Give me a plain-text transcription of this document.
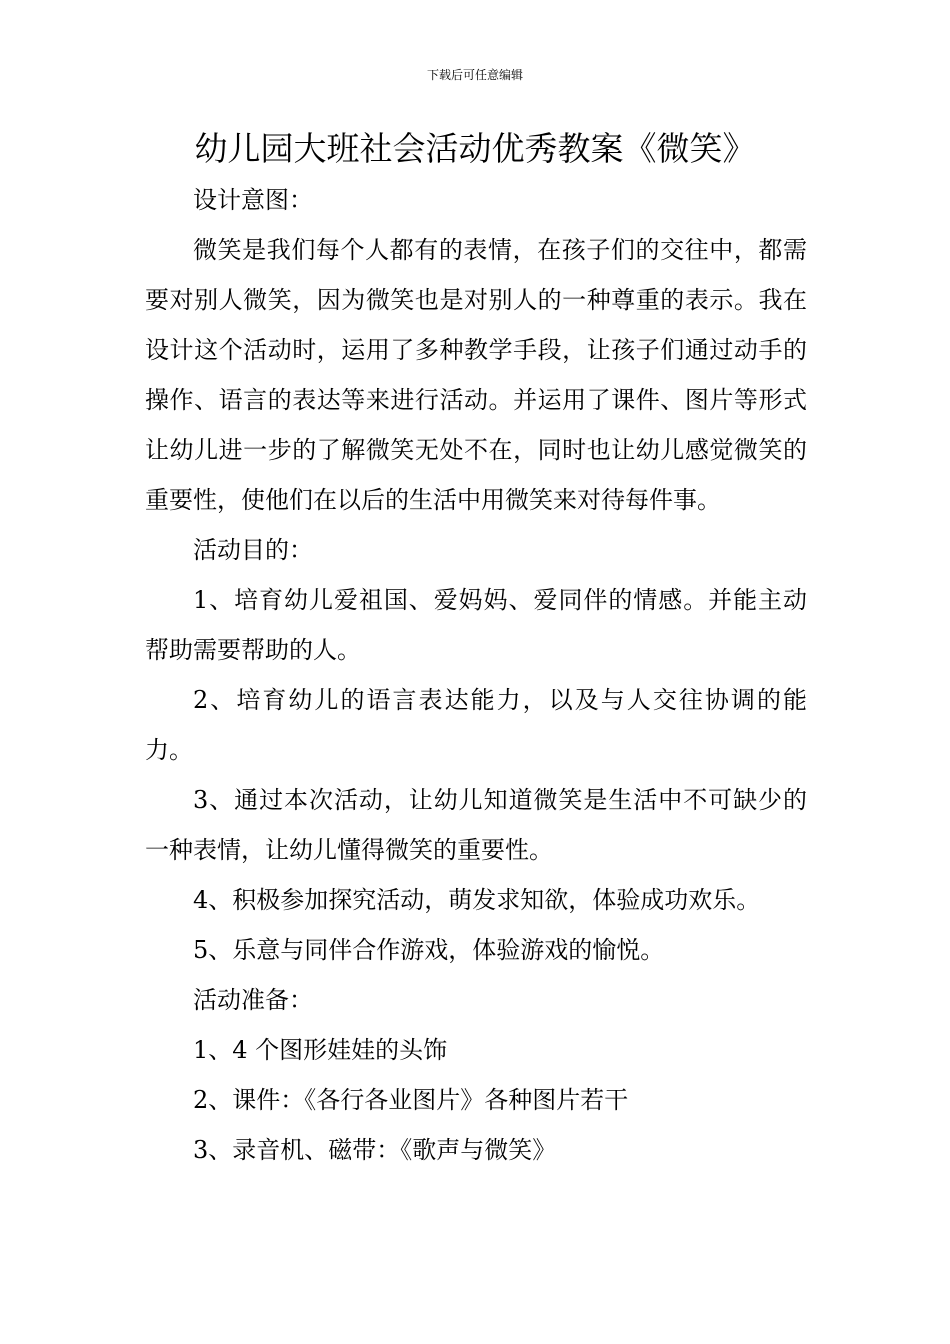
下载后可任意编辑
幼儿园大班社会活动优秀教案《微笑》

设计意图：

微笑是我们每个人都有的表情，在孩子们的交往中，都需要对别人微笑，因为微笑也是对别人的一种尊重的表示。我在设计这个活动时，运用了多种教学手段，让孩子们通过动手的操作、语言的表达等来进行活动。并运用了课件、图片等形式让幼儿进一步的了解微笑无处不在，同时也让幼儿感觉微笑的重要性，使他们在以后的生活中用微笑来对待每件事。

活动目的：

1、培育幼儿爱祖国、爱妈妈、爱同伴的情感。并能主动帮助需要帮助的人。

2、培育幼儿的语言表达能力，以及与人交往协调的能力。

3、通过本次活动，让幼儿知道微笑是生活中不可缺少的一种表情，让幼儿懂得微笑的重要性。

4、积极参加探究活动，萌发求知欲，体验成功欢乐。

5、乐意与同伴合作游戏，体验游戏的愉悦。

活动准备：

1、4 个图形娃娃的头饰

2、课件：《各行各业图片》各种图片若干

3、录音机、磁带：《歌声与微笑》
